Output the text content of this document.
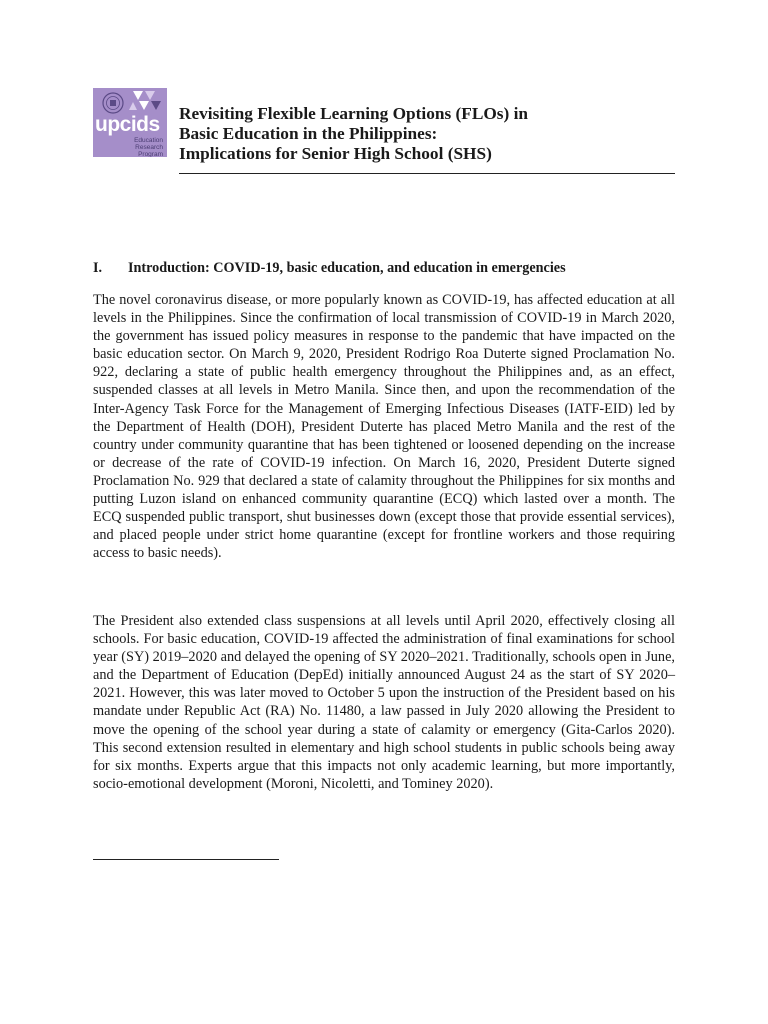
upcids
Education Research Program
Revisiting Flexible Learning Options (FLOs) in
Basic Education in the Philippines:
Implications for Senior High School (SHS)
I. Introduction: COVID-19, basic education, and education in emergencies

The novel coronavirus disease, or more popularly known as COVID-19, has affected education at all levels in the Philippines. Since the confirmation of local transmission of COVID-19 in March 2020, the government has issued policy measures in response to the pandemic that have impacted on the basic education sector. On March 9, 2020, President Rodrigo Roa Duterte signed Proclamation No. 922, declaring a state of public health emergency throughout the Philippines and, as an effect, suspended classes at all levels in Metro Manila. Since then, and upon the recommendation of the Inter-Agency Task Force for the Management of Emerging Infectious Diseases (IATF-EID) led by the Department of Health (DOH), President Duterte has placed Metro Manila and the rest of the country under community quarantine that has been tightened or loosened depending on the increase or decrease of the rate of COVID-19 infection. On March 16, 2020, President Duterte signed Proclamation No. 929 that declared a state of calamity throughout the Philippines for six months and putting Luzon island on enhanced community quarantine (ECQ) which lasted over a month. The ECQ suspended public transport, shut businesses down (except those that provide essential services), and placed people under strict home quarantine (except for frontline workers and those requiring access to basic needs).

The President also extended class suspensions at all levels until April 2020, effectively closing all schools. For basic education, COVID-19 affected the administration of final examinations for school year (SY) 2019–2020 and delayed the opening of SY 2020–2021. Traditionally, schools open in June, and the Department of Education (DepEd) initially announced August 24 as the start of SY 2020–2021. However, this was later moved to October 5 upon the instruction of the President based on his mandate under Republic Act (RA) No. 11480, a law passed in July 2020 allowing the President to move the opening of the school year during a state of calamity or emergency (Gita-Carlos 2020). This second extension resulted in elementary and high school students in public schools being away for six months. Experts argue that this impacts not only academic learning, but more importantly, socio-emotional development (Moroni, Nicoletti, and Tominey 2020).
